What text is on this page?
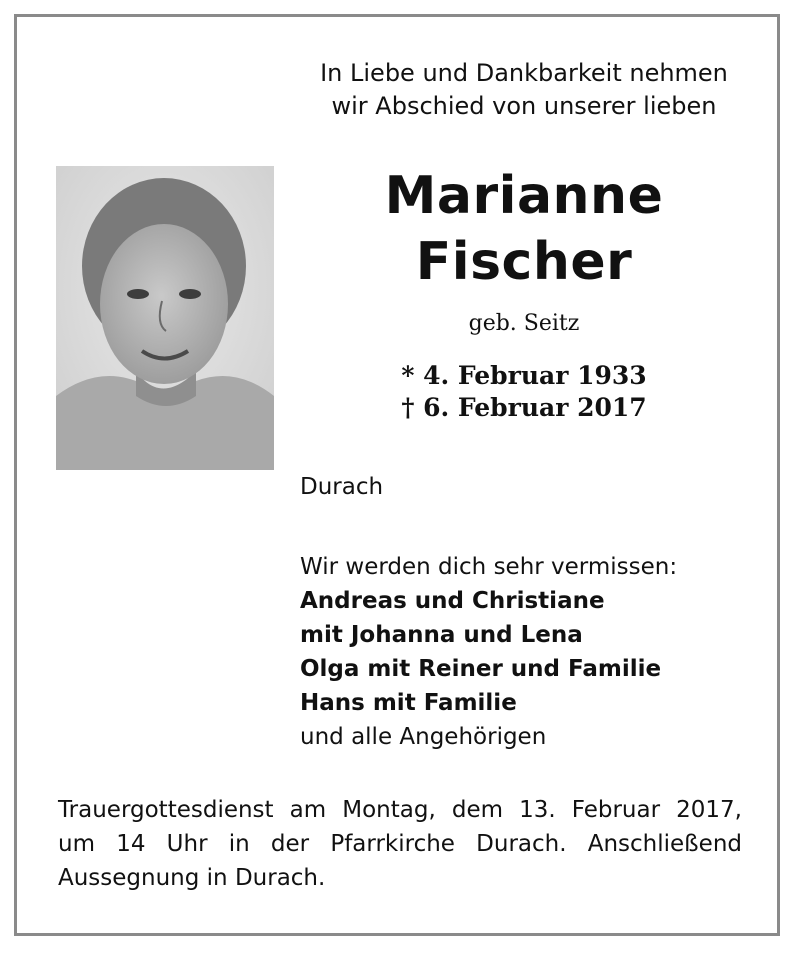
In Liebe und Dankbarkeit nehmen
wir Abschied von unserer lieben
Marianne
Fischer
geb. Seitz
* 4. Februar 1933
† 6. Februar 2017
Durach
Wir werden dich sehr vermissen:
Andreas und Christiane
mit Johanna und Lena
Olga mit Reiner und Familie
Hans mit Familie
und alle Angehörigen
Trauergottesdienst am Montag, dem 13. Februar 2017,
um 14 Uhr in der Pfarrkirche Durach. Anschließend
Aussegnung in Durach.
